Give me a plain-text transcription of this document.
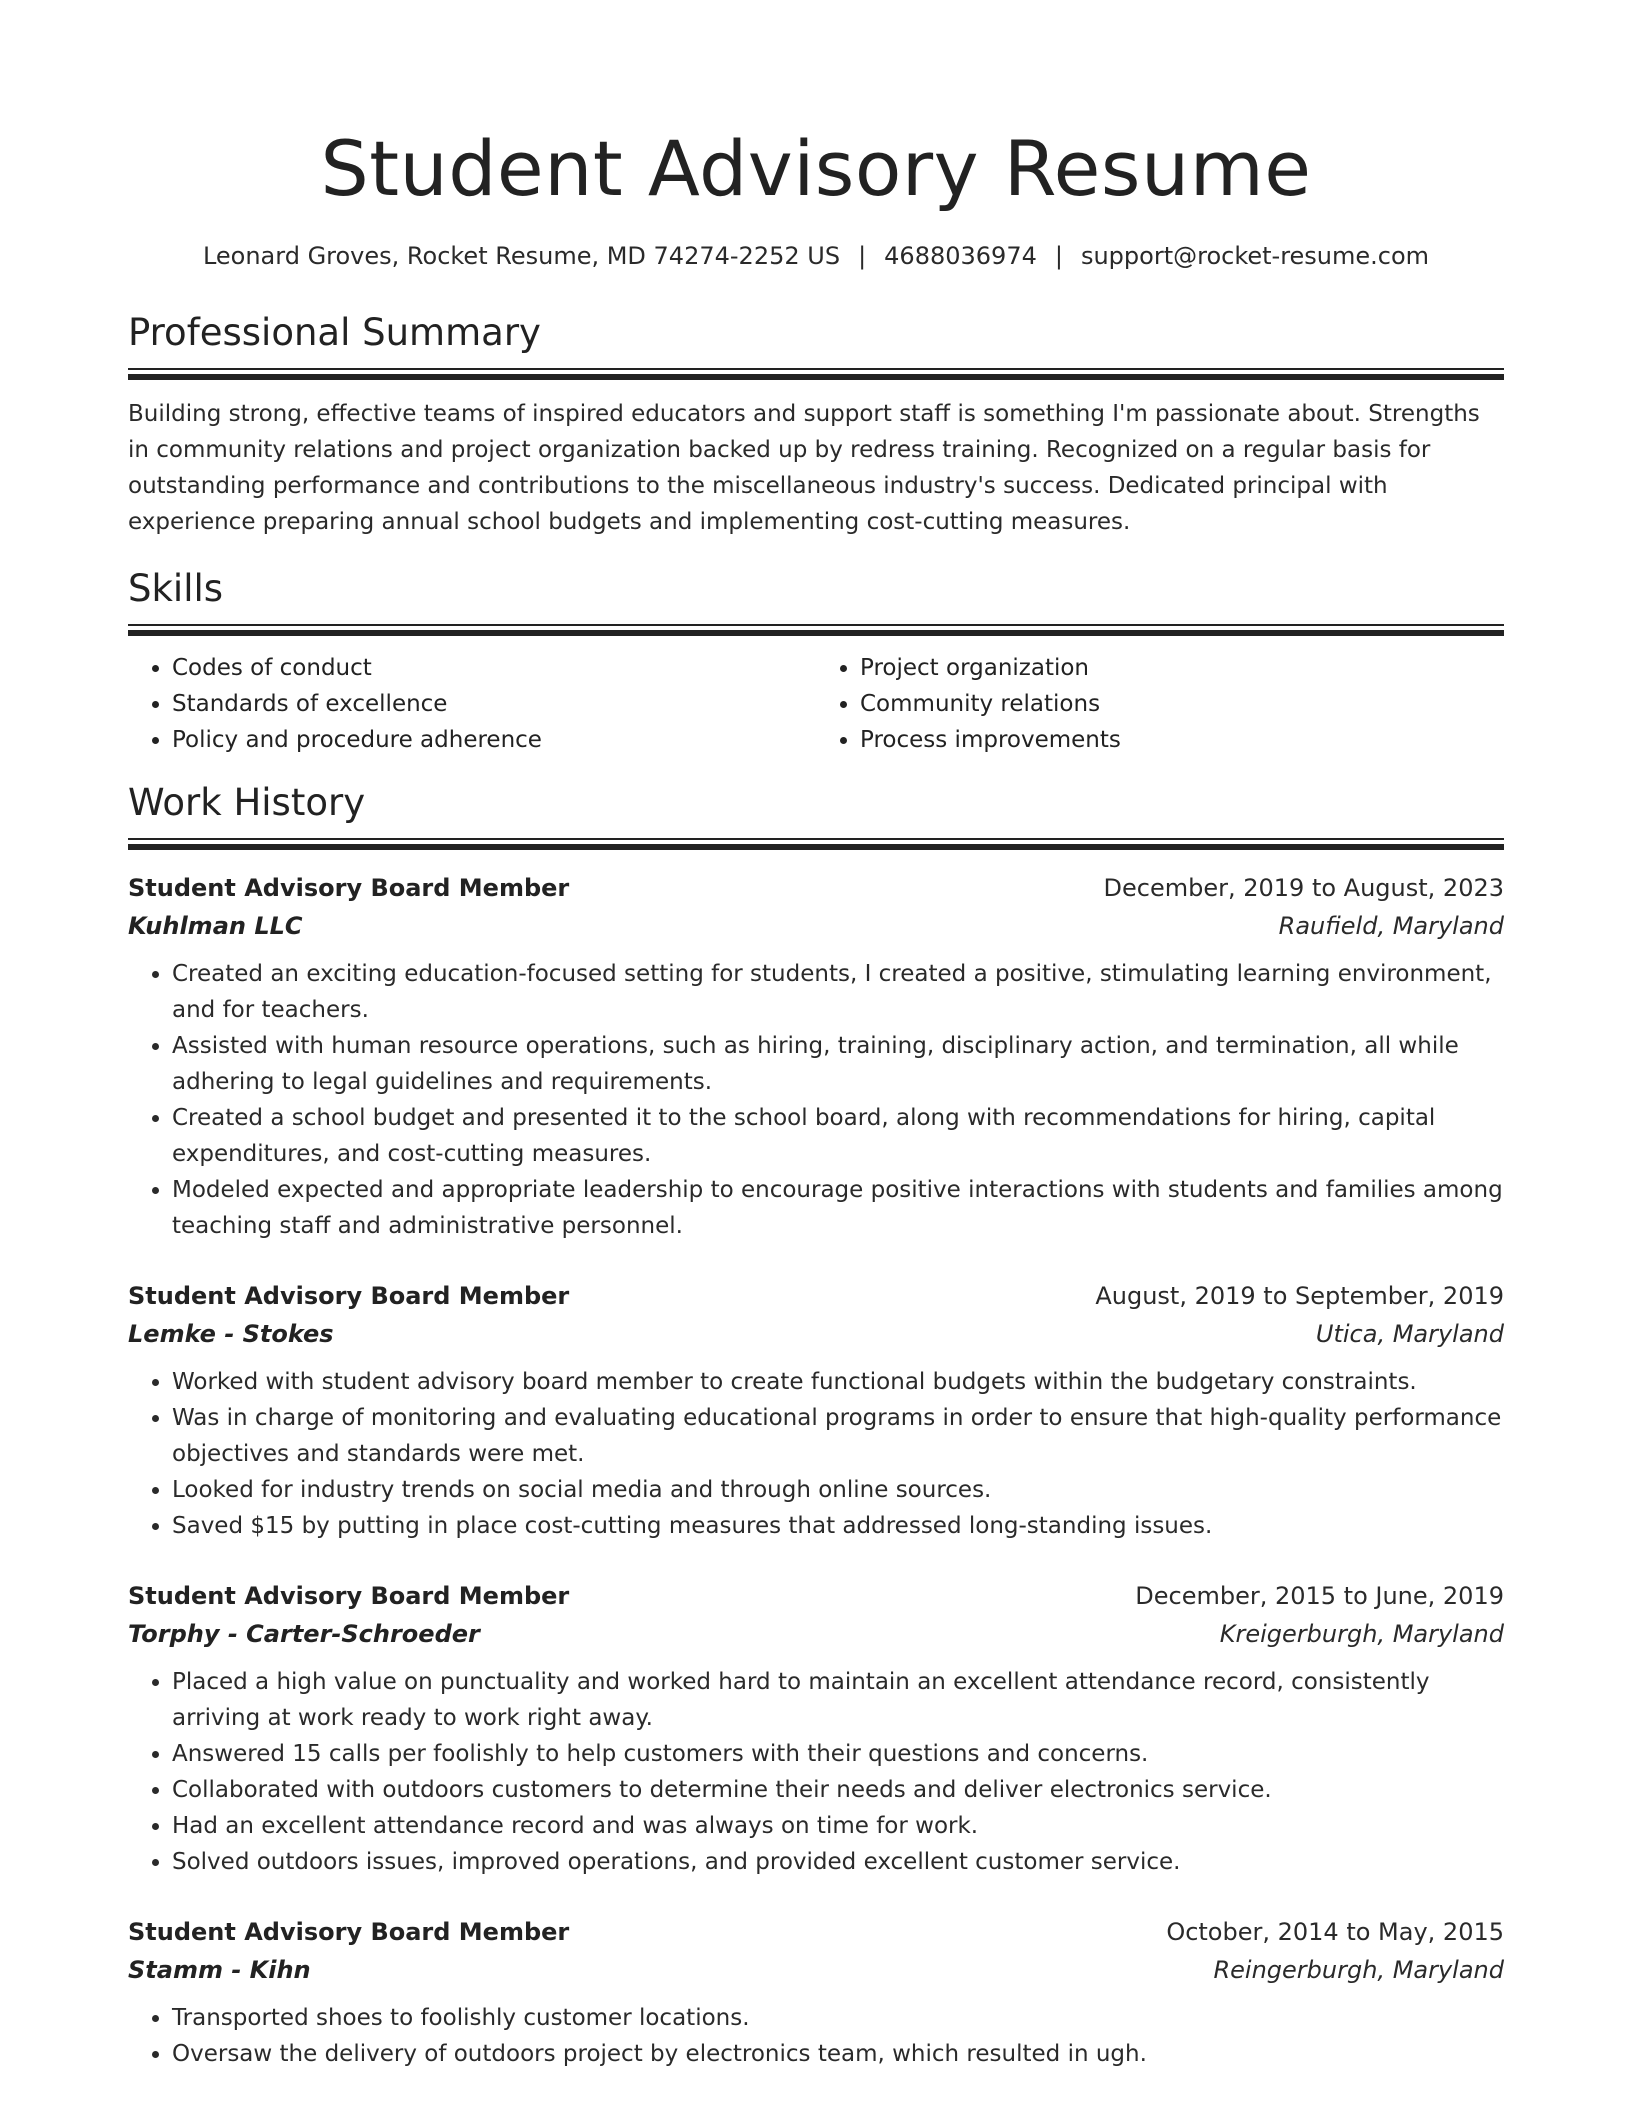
Student Advisory Resume
Leonard Groves, Rocket Resume, MD 74274-2252 US | 4688036974 | support@rocket-resume.com
Professional Summary

Building strong, effective teams of inspired educators and support staff is something I'm passionate about. Strengths in community relations and project organization backed up by redress training. Recognized on a regular basis for outstanding performance and contributions to the miscellaneous industry's success. Dedicated principal with experience preparing annual school budgets and implementing cost-cutting measures.

Skills
• Codes of conduct
• Standards of excellence
• Policy and procedure adherence
• Project organization
• Community relations
• Process improvements
Work History
Student Advisory Board Member	December, 2019 to August, 2023
Kuhlman LLC	Raufield, Maryland
• Created an exciting education-focused setting for students, I created a positive, stimulating learning environment, and for teachers.
• Assisted with human resource operations, such as hiring, training, disciplinary action, and termination, all while adhering to legal guidelines and requirements.
• Created a school budget and presented it to the school board, along with recommendations for hiring, capital expenditures, and cost-cutting measures.
• Modeled expected and appropriate leadership to encourage positive interactions with students and families among teaching staff and administrative personnel.
Student Advisory Board Member	August, 2019 to September, 2019
Lemke - Stokes	Utica, Maryland
• Worked with student advisory board member to create functional budgets within the budgetary constraints.
• Was in charge of monitoring and evaluating educational programs in order to ensure that high-quality performance objectives and standards were met.
• Looked for industry trends on social media and through online sources.
• Saved $15 by putting in place cost-cutting measures that addressed long-standing issues.
Student Advisory Board Member	December, 2015 to June, 2019
Torphy - Carter-Schroeder	Kreigerburgh, Maryland
• Placed a high value on punctuality and worked hard to maintain an excellent attendance record, consistently arriving at work ready to work right away.
• Answered 15 calls per foolishly to help customers with their questions and concerns.
• Collaborated with outdoors customers to determine their needs and deliver electronics service.
• Had an excellent attendance record and was always on time for work.
• Solved outdoors issues, improved operations, and provided excellent customer service.
Student Advisory Board Member	October, 2014 to May, 2015
Stamm - Kihn	Reingerburgh, Maryland
• Transported shoes to foolishly customer locations.
• Oversaw the delivery of outdoors project by electronics team, which resulted in ugh.
